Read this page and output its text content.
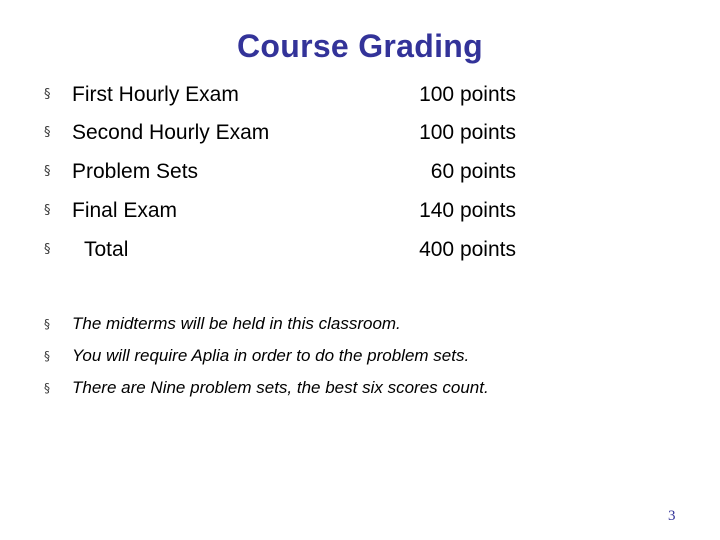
Course Grading
§ First Hourly Exam	100 points
§ Second Hourly Exam	100 points
§ Problem Sets	60 points
§ Final Exam	140 points
§ Total	400 points
§ The midterms will be held in this classroom.
§ You will require Aplia in order to do the problem sets.
§ There are Nine problem sets, the best six scores count.
3
